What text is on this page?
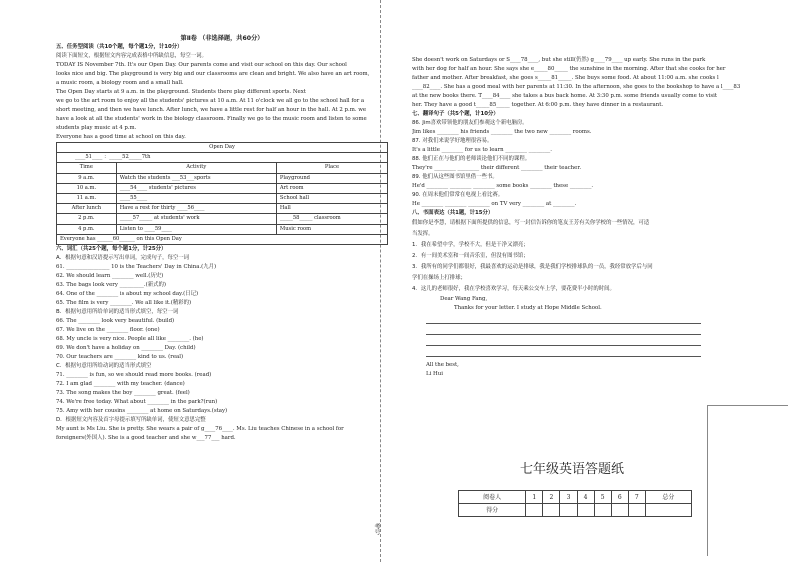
考号
第Ⅱ卷 （非选择题，共60分）
五、任务型阅读（共10个题，每个题1分，计10分）
阅读下面短文，根据短文内容完成表格中所缺信息，每空一词。
TODAY IS November 7th. It's our Open Day. Our parents come and visit our school on this day. Our school
looks nice and big. The playground is very big and our classrooms are clean and bright. We also have an art room,
a music room, a biology room and a small hall.
The Open Day starts at 9 a.m. in the playground. Students there play different sports. Next
we go to the art room to enjoy all the students' pictures at 10 a.m. At 11 o'clock we all go to the school hall for a
short meeting, and then we have lunch. After lunch, we have a little rest for half an hour in the hall. At 2 p.m. we
have a look at all the students' work in the biology classroom. Finally we go to the music room and listen to some
students play music at 4 p.m.
Everyone has a good time at school on this day.
Open Day		
____51____ ：_____52_____7th		
Time	Activity	Place
9 a.m.	Watch the students ___53___sports	Playground
10 a.m.	____54____ students' pictures	Art room
11 a.m.	____55____	School hall
After lunch	Have a rest for thirty ____56____	Hall
2 p.m.	_____57_____ at students' work	_____58_____ classroom
4 p.m.	Listen to ____59____	Music room
Everyone has ______60______ on this Open Day		
六、词汇（共25个题，每个题1分，计25分）
A．根据句意和汉语提示写出单词，完成句子，每空一词
61. ________________ 10 is the Teachers' Day in China.(九月)
62. We should learn ________ well.(历史)
63. The bags look very _________.(新式的)
64. One of the ________ is about my school day.(日记)
65. The film is very ________. We all like it.(精彩的)
B．根据句意用所给单词的适当形式填空，每空一词
66. The ________ look very beautiful. (build)
67. We live on the ________ floor. (one)
68. My uncle is very nice. People all like ________. (he)
69. We don't have a holiday on ________ Day. (child)
70. Our teachers are ________ kind to us. (real)
C．根据句意用所给动词的适当形式填空
71. ________ is fun, so we should read more books. (read)
72. I am glad ________ with my teacher. (dance)
73. The song makes the boy ________ great. (feel)
74. We're free today. What about ________ in the park?(run)
75. Amy with her cousins ________ at home on Saturdays.(stay)
D．根据短文内容及首字母提示填写所缺单词，使短文意思完整
My aunt is Ms Liu. She is pretty. She wears a pair of g____76____. Ms. Liu teaches Chinese in a school for
foreigners(外国人). She is a good teacher and she w___77___ hard.
She doesn't work on Saturdays or S____78____, but she still(仍然) g____79____ up early. She runs in the park
with her dog for half an hour. She says she e_____80_____ the sunshine in the morning. After that she cooks for her
father and mother. After breakfast, she goes s_____81_____. She buys some food. At about 11:00 a.m. she cooks l
____82____. She has a good meal with her parents at 11:30. In the afternoon, she goes to the bookshop to have a l____83
at the new books there. T____84____ she takes a bus back home. At 3:30 p.m. some friends usually come to visit
her. They have a good t_____85_____ together. At 6:00 p.m. they have dinner in a restaurant.
七、翻译句子（共5个题，计10分）
86. Jim喜欢带领他的朋友们参观这个新电脑房。
Jim likes ________ his friends ________ the two new ________ rooms.
87. 对我们来说学好地理很容易。
It's a little ________ for us to learn ________ ________.
88. 他们正在与他们的老师谈论他们不同的课程。
They're ________ ________ their different ________ their teacher.
89. 他们从这些图书馆里借一些书。
He'd ________ ________ ________ some books ________ these ________.
90. 在周末他们常常在电视上看比赛。
He ________ ________ ________ on TV very ________ at ________.
八、书面表达（共1题，计15分）
假如你是李慧，请根据下面所提供的信息，写一封信告诉你的笔友王芳有关你学校的一些情况，可适
当发挥。
1．我在希望中学，学校不大，但是干净又漂亮；
2．有一间美术室和一间音乐室，但没有图书馆；
3．我所有的同学们都很好，我最喜欢的运动是排球，我是我们学校排球队的一员，我经常放学后与同
学们在操场上打排球；
4．这儿的老师很好，我在学校喜欢学习，每天乘公交车上学，要花费半小时的时间。
Dear Wang Fang,
Thanks for your letter. I study at Hope Middle School.
All the best,
Li Hui
七年级英语答题纸
阅卷人	1	2	3	4	5	6	7	总分
得分								
